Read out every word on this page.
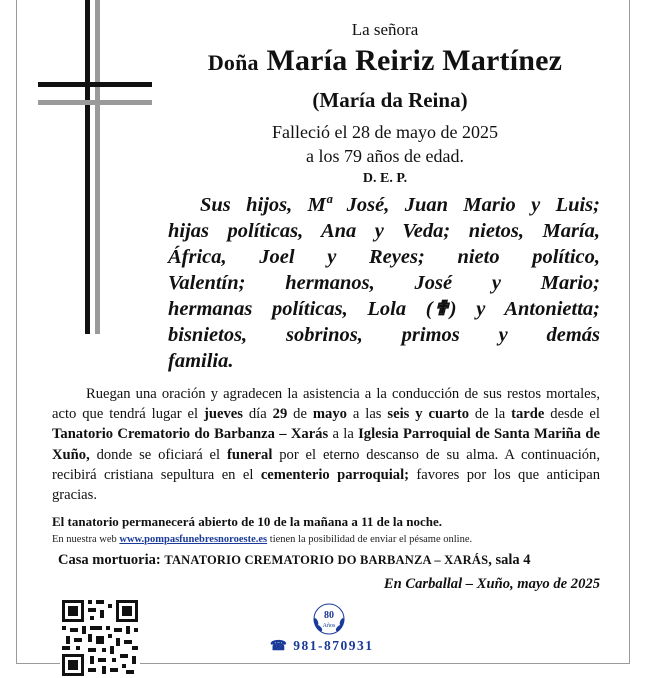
La señora
Doña María Reiriz Martínez
(María da Reina)
Falleció el 28 de mayo de 2025
a los 79 años de edad.
D. E. P.
Sus hijos, Mª José, Juan Mario y Luis;
hijas políticas, Ana y Veda; nietos, María,
África, Joel y Reyes; nieto político,
Valentín; hermanos, José y Mario;
hermanas políticas, Lola (✟) y Antonietta;
bisnietos, sobrinos, primos y demás
familia.

Ruegan una oración y agradecen la asistencia a la conducción de sus restos mortales, acto que tendrá lugar el jueves día 29 de mayo a las seis y cuarto de la tarde desde el Tanatorio Crematorio do Barbanza – Xarás a la Iglesia Parroquial de Santa Mariña de Xuño, donde se oficiará el funeral por el eterno descanso de su alma. A continuación, recibirá cristiana sepultura en el cementerio parroquial; favores por los que anticipan gracias.

El tanatorio permanecerá abierto de 10 de la mañana a 11 de la noche.
En nuestra web www.pompasfunebresnoroeste.es tienen la posibilidad de enviar el pésame online.
Casa mortuoria: TANATORIO CREMATORIO DO BARBANZA – XARÁS, sala 4
En Carballal – Xuño, mayo de 2025
80
Años
☎ 981-870931
